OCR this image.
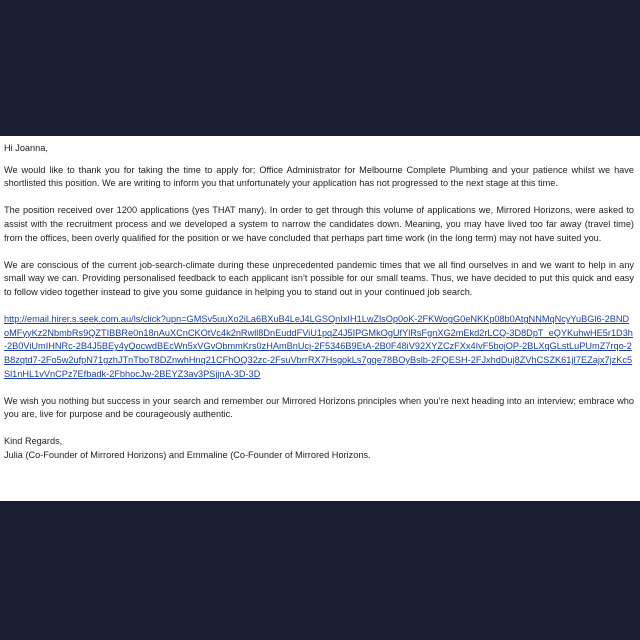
Hi Joanna,

We would like to thank you for taking the time to apply for; Office Administrator for Melbourne Complete Plumbing and your patience whilst we have shortlisted this position. We are writing to inform you that unfortunately your application has not progressed to the next stage at this time.

The position received over 1200 applications (yes THAT many). In order to get through this volume of applications we, Mirrored Horizons, were asked to assist with the recruitment process and we developed a system to narrow the candidates down. Meaning, you may have lived too far away (travel time) from the offices, been overly qualified for the position or we have concluded that perhaps part time work (in the long term) may not have suited you.

We are conscious of the current job-search-climate during these unprecedented pandemic times that we all find ourselves in and we want to help in any small way we can. Providing personalised feedback to each applicant isn’t possible for our small teams. Thus, we have decided to put this quick and easy to follow video together instead to give you some guidance in helping you to stand out in your continued job search.

http://email.hirer.s.seek.com.au/ls/click?upn=GMSv5uuXo2iLa6BXuB4LeJ4LGSQnIxIH1LwZlsOp0oK-2FKWogG0eNKKp08b0AtgNNMqNcyYuBGl6-2BNDoMFyyKz2NbmbRs9QZTIBBRe0n18nAuXCnCKOtVc4k2nRwll8DnEuddFViU1pqZ4J5IPGMkOgUfYlRsFgnXG2mEkd2rLCQ-3D8DpT_eQYKuhwHE5r1D3h-2B0ViUmIHNRc-2B4J5BEy4yQocwdBEcWn5xVGvObmmKrs0zHAmBnUcj-2F5346B9EtA-2B0F48iV92XYZCzFXx4IvF5bojOP-2BLXqGLstLuPUmZ7rqo-2B8zqtd7-2Fo5w2ufpN71gzhJTnTboT8DZnwhHnq21CFhOQ32zc-2FsuVbrrRX7HsgokLs7gqe78BOyBslb-2FQESH-2FJxhdDuj8ZVhCSZK61jI7EZajx7jzKc5Sl1nHL1vVnCPz7Efbadk-2FbhocJw-2BEYZ3av3PSjjnA-3D-3D

We wish you nothing but success in your search and remember our Mirrored Horizons principles when you’re next heading into an interview; embrace who you are, live for purpose and be courageously authentic.

Kind Regards,

Julia (Co-Founder of Mirrored Horizons) and Emmaline (Co-Founder of Mirrored Horizons.
